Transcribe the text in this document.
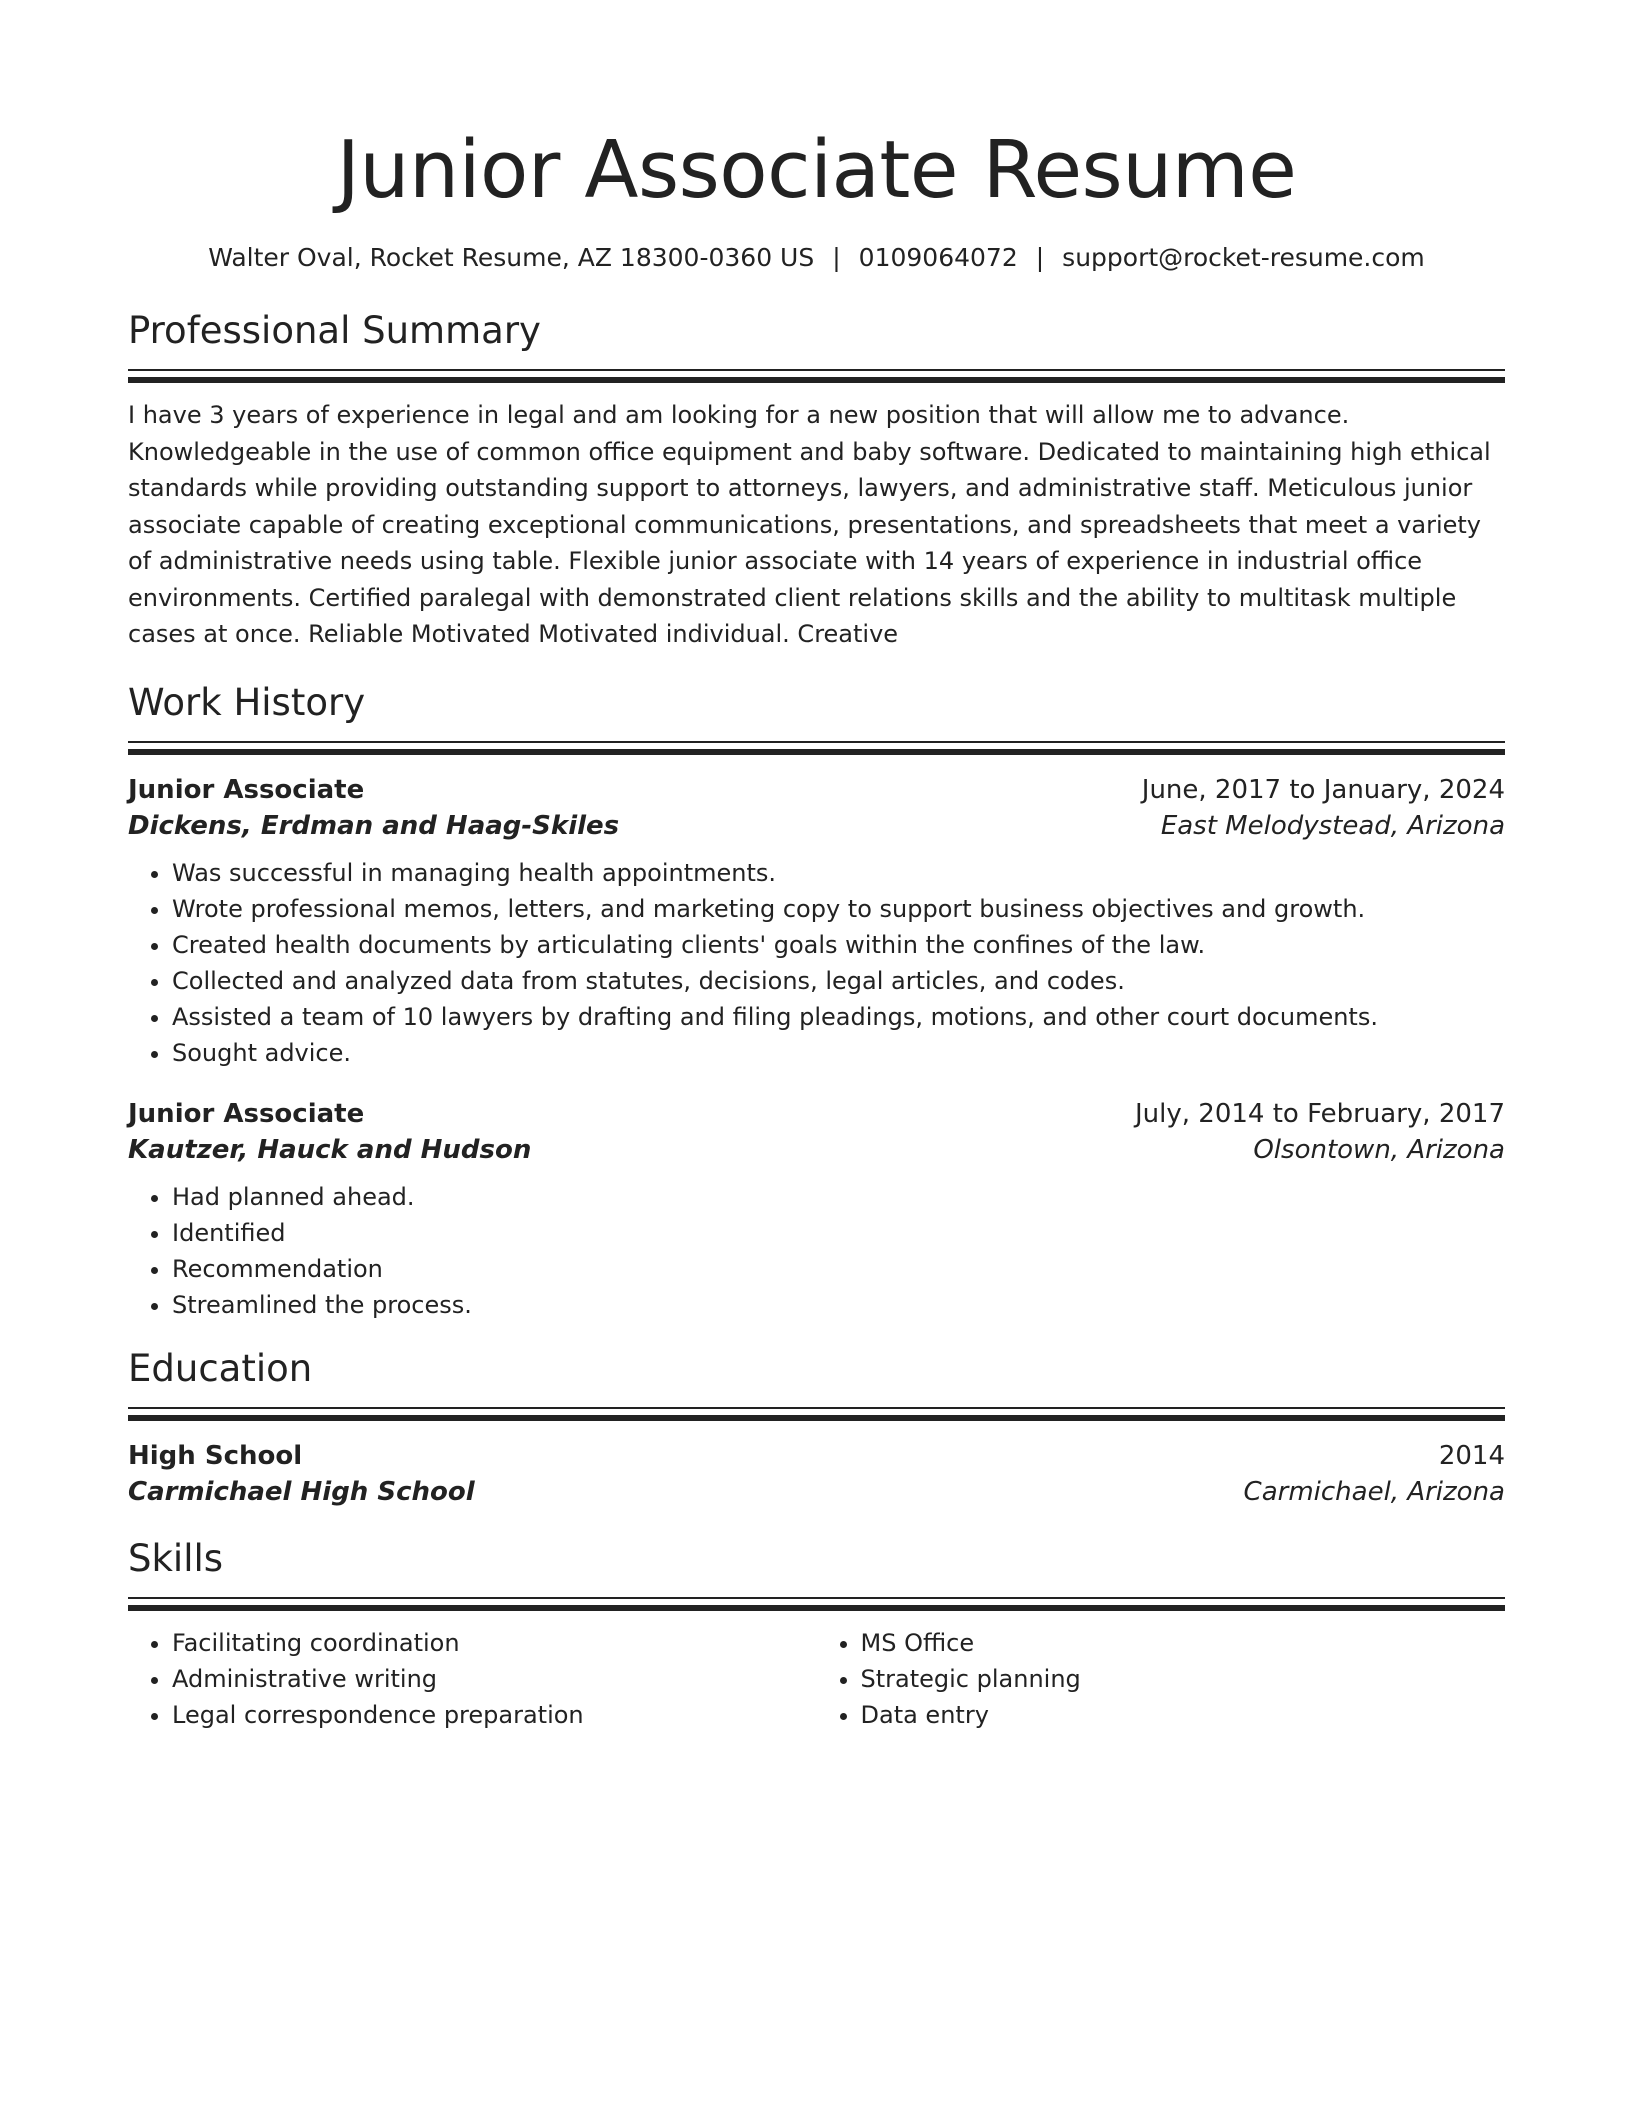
Junior Associate Resume
Walter Oval, Rocket Resume, AZ 18300-0360 US | 0109064072 | support@rocket-resume.com
Professional Summary
I have 3 years of experience in legal and am looking for a new position that will allow me to advance. Knowledgeable in the use of common office equipment and baby software. Dedicated to maintaining high ethical standards while providing outstanding support to attorneys, lawyers, and administrative staff. Meticulous junior associate capable of creating exceptional communications, presentations, and spreadsheets that meet a variety of administrative needs using table. Flexible junior associate with 14 years of experience in industrial office environments. Certified paralegal with demonstrated client relations skills and the ability to multitask multiple cases at once. Reliable Motivated Motivated individual. Creative
Work History
Junior Associate	June, 2017 to January, 2024
Dickens, Erdman and Haag-Skiles	East Melodystead, Arizona
• Was successful in managing health appointments.
• Wrote professional memos, letters, and marketing copy to support business objectives and growth.
• Created health documents by articulating clients' goals within the confines of the law.
• Collected and analyzed data from statutes, decisions, legal articles, and codes.
• Assisted a team of 10 lawyers by drafting and filing pleadings, motions, and other court documents.
• Sought advice.
Junior Associate	July, 2014 to February, 2017
Kautzer, Hauck and Hudson	Olsontown, Arizona
• Had planned ahead.
• Identified
• Recommendation
• Streamlined the process.
Education
High School	2014
Carmichael High School	Carmichael, Arizona
Skills
• Facilitating coordination
• Administrative writing
• Legal correspondence preparation
• MS Office
• Strategic planning
• Data entry
